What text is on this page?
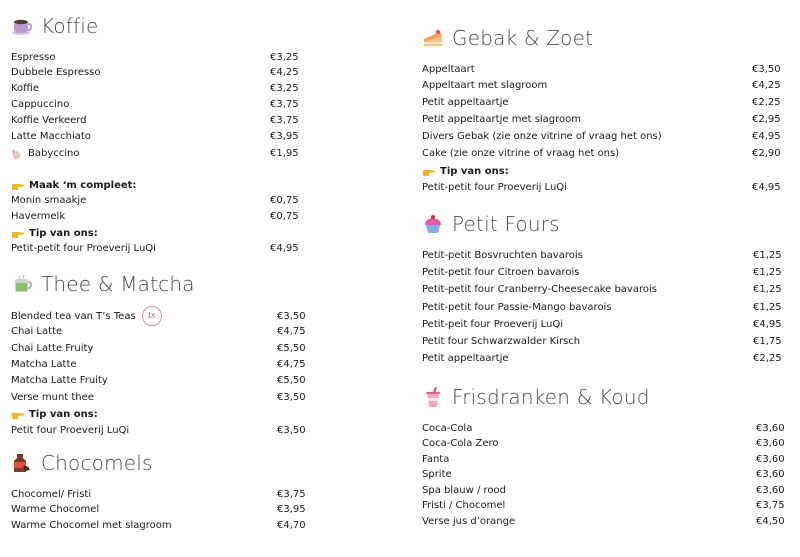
Koffie
Espresso	€3,25
Dubbele Espresso	€4,25
Koffie	€3,25
Cappuccino	€3,75
Koffie Verkeerd	€3,75
Latte Macchiato	€3,95
Babyccino	€1,95
Maak ‘m compleet:
Monin smaakje	€0,75
Havermelk	€0,75
Tip van ons:
Petit-petit four Proeverij LuQi	€4,95
Thee & Matcha
Blended tea van T’s Teas	ts	€3,50
Chai Latte	€4,75
Chai Latte Fruity	€5,50
Matcha Latte	€4,75
Matcha Latte Fruity	€5,50
Verse munt thee	€3,50
Tip van ons:
Petit four Proeverij LuQi	€3,50
Chocomels
Chocomel/ Fristi	€3,75
Warme Chocomel	€3,95
Warme Chocomel met slagroom	€4,70
Gebak & Zoet
Appeltaart	€3,50
Appeltaart met slagroom	€4,25
Petit appeltaartje	€2,25
Petit appeltaartje met slagroom	€2,95
Divers Gebak (zie onze vitrine of vraag het ons)	€4,95
Cake (zie onze vitrine of vraag het ons)	€2,90
Tip van ons:
Petit-petit four Proeverij LuQi	€4,95
Petit Fours
Petit-petit Bosvruchten bavarois	€1,25
Petit-petit four Citroen bavarois	€1,25
Petit-petit four Cranberry-Cheesecake bavarois	€1,25
Petit-petit four Passie-Mango bavarois	€1,25
Petit-peit four Proeverij LuQi	€4,95
Petit four Schwarzwalder Kirsch	€1,75
Petit appeltaartje	€2,25
Frisdranken & Koud
Coca-Cola	€3,60
Coca-Cola Zero	€3,60
Fanta	€3,60
Sprite	€3,60
Spa blauw / rood	€3,60
Fristi / Chocomel	€3,75
Verse jus d’orange	€4,50
